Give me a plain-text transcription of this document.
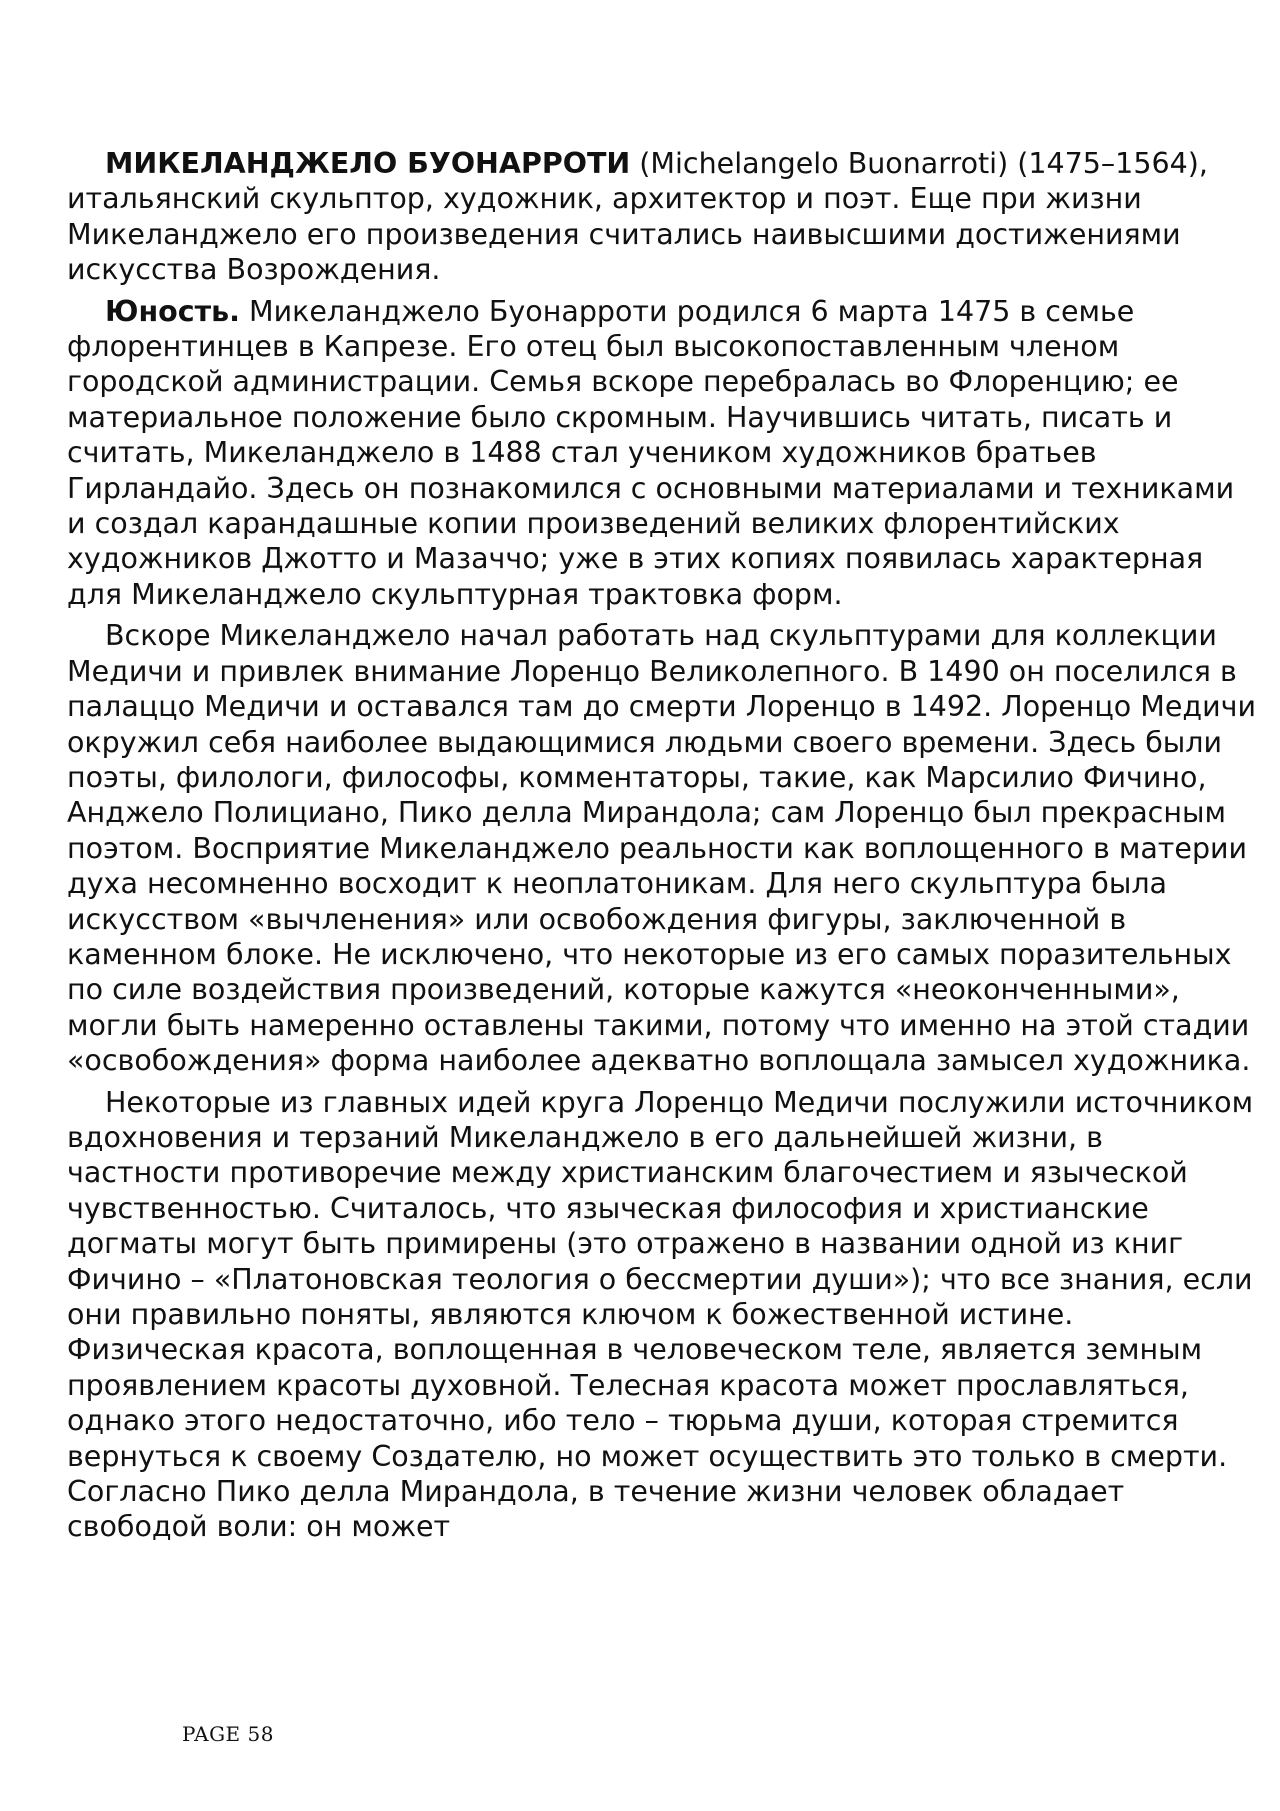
МИКЕЛАНДЖЕЛО БУОНАРРОТИ (Michelangelo Buonarroti) (1475–1564), итальянский скульптор, художник, архитектор и поэт. Еще при жизни Микеланджело его произведения считались наивысшими достижениями искусства Возрождения.

Юность. Микеланджело Буонарроти родился 6 марта 1475 в семье флорентинцев в Капрезе. Его отец был высокопоставленным членом городской администрации. Семья вскоре перебралась во Флоренцию; ее материальное положение было скромным. Научившись читать, писать и считать, Микеланджело в 1488 стал учеником художников братьев Гирландайо. Здесь он познакомился с основными материалами и техниками и создал карандашные копии произведений великих флорентийских художников Джотто и Мазаччо; уже в этих копиях появилась характерная для Микеланджело скульптурная трактовка форм.

Вскоре Микеланджело начал работать над скульптурами для коллекции Медичи и привлек внимание Лоренцо Великолепного. В 1490 он поселился в палаццо Медичи и оставался там до смерти Лоренцо в 1492. Лоренцо Медичи окружил себя наиболее выдающимися людьми своего времени. Здесь были поэты, филологи, философы, комментаторы, такие, как Марсилио Фичино, Анджело Полициано, Пико делла Мирандола; сам Лоренцо был прекрасным поэтом. Восприятие Микеланджело реальности как воплощенного в материи духа несомненно восходит к неоплатоникам. Для него скульптура была искусством «вычленения» или освобождения фигуры, заключенной в каменном блоке. Не исключено, что некоторые из его самых поразительных по силе воздействия произведений, которые кажутся «неоконченными», могли быть намеренно оставлены такими, потому что именно на этой стадии «освобождения» форма наиболее адекватно воплощала замысел художника.

Некоторые из главных идей круга Лоренцо Медичи послужили источником вдохновения и терзаний Микеланджело в его дальнейшей жизни, в частности противоречие между христианским благочестием и языческой чувственностью. Считалось, что языческая философия и христианские догматы могут быть примирены (это отражено в названии одной из книг Фичино – «Платоновская теология о бессмертии души»); что все знания, если они правильно поняты, являются ключом к божественной истине. Физическая красота, воплощенная в человеческом теле, является земным проявлением красоты духовной. Телесная красота может прославляться, однако этого недостаточно, ибо тело – тюрьма души, которая стремится вернуться к своему Создателю, но может осуществить это только в смерти. Согласно Пико делла Мирандола, в течение жизни человек обладает свободой воли: он может

PAGE 58
